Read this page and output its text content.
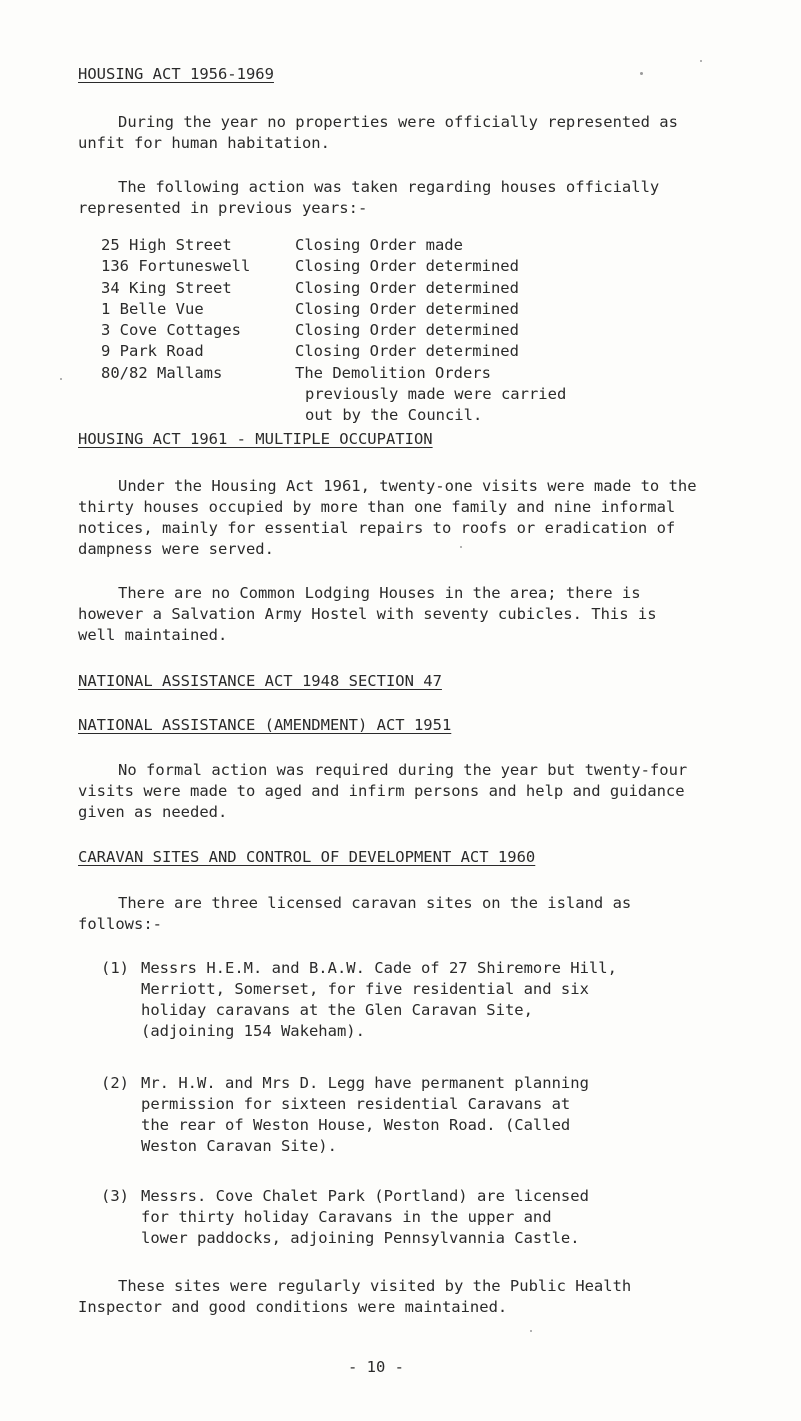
HOUSING ACT 1956-1969
During the year no properties were officially represented as
unfit for human habitation.
The following action was taken regarding houses officially
represented in previous years:-
25 High Street	Closing Order made
136 Fortuneswell	Closing Order determined
34 King Street	Closing Order determined
1 Belle Vue	Closing Order determined
3 Cove Cottages	Closing Order determined
9 Park Road	Closing Order determined
80/82 Mallams	The Demolition Orders
previously made were carried
out by the Council.
HOUSING ACT 1961 - MULTIPLE OCCUPATION
Under the Housing Act 1961, twenty-one visits were made to the
thirty houses occupied by more than one family and nine informal
notices, mainly for essential repairs to roofs or eradication of
dampness were served.
There are no Common Lodging Houses in the area; there is
however a Salvation Army Hostel with seventy cubicles. This is
well maintained.
NATIONAL ASSISTANCE ACT 1948 SECTION 47
NATIONAL ASSISTANCE (AMENDMENT) ACT 1951
No formal action was required during the year but twenty-four
visits were made to aged and infirm persons and help and guidance
given as needed.
CARAVAN SITES AND CONTROL OF DEVELOPMENT ACT 1960
There are three licensed caravan sites on the island as
follows:-
(1) Messrs H.E.M. and B.A.W. Cade of 27 Shiremore Hill,
Merriott, Somerset, for five residential and six
holiday caravans at the Glen Caravan Site,
(adjoining 154 Wakeham).
(2) Mr. H.W. and Mrs D. Legg have permanent planning
permission for sixteen residential Caravans at
the rear of Weston House, Weston Road. (Called
Weston Caravan Site).
(3) Messrs. Cove Chalet Park (Portland) are licensed
for thirty holiday Caravans in the upper and
lower paddocks, adjoining Pennsylvannia Castle.
These sites were regularly visited by the Public Health
Inspector and good conditions were maintained.
- 10 -
